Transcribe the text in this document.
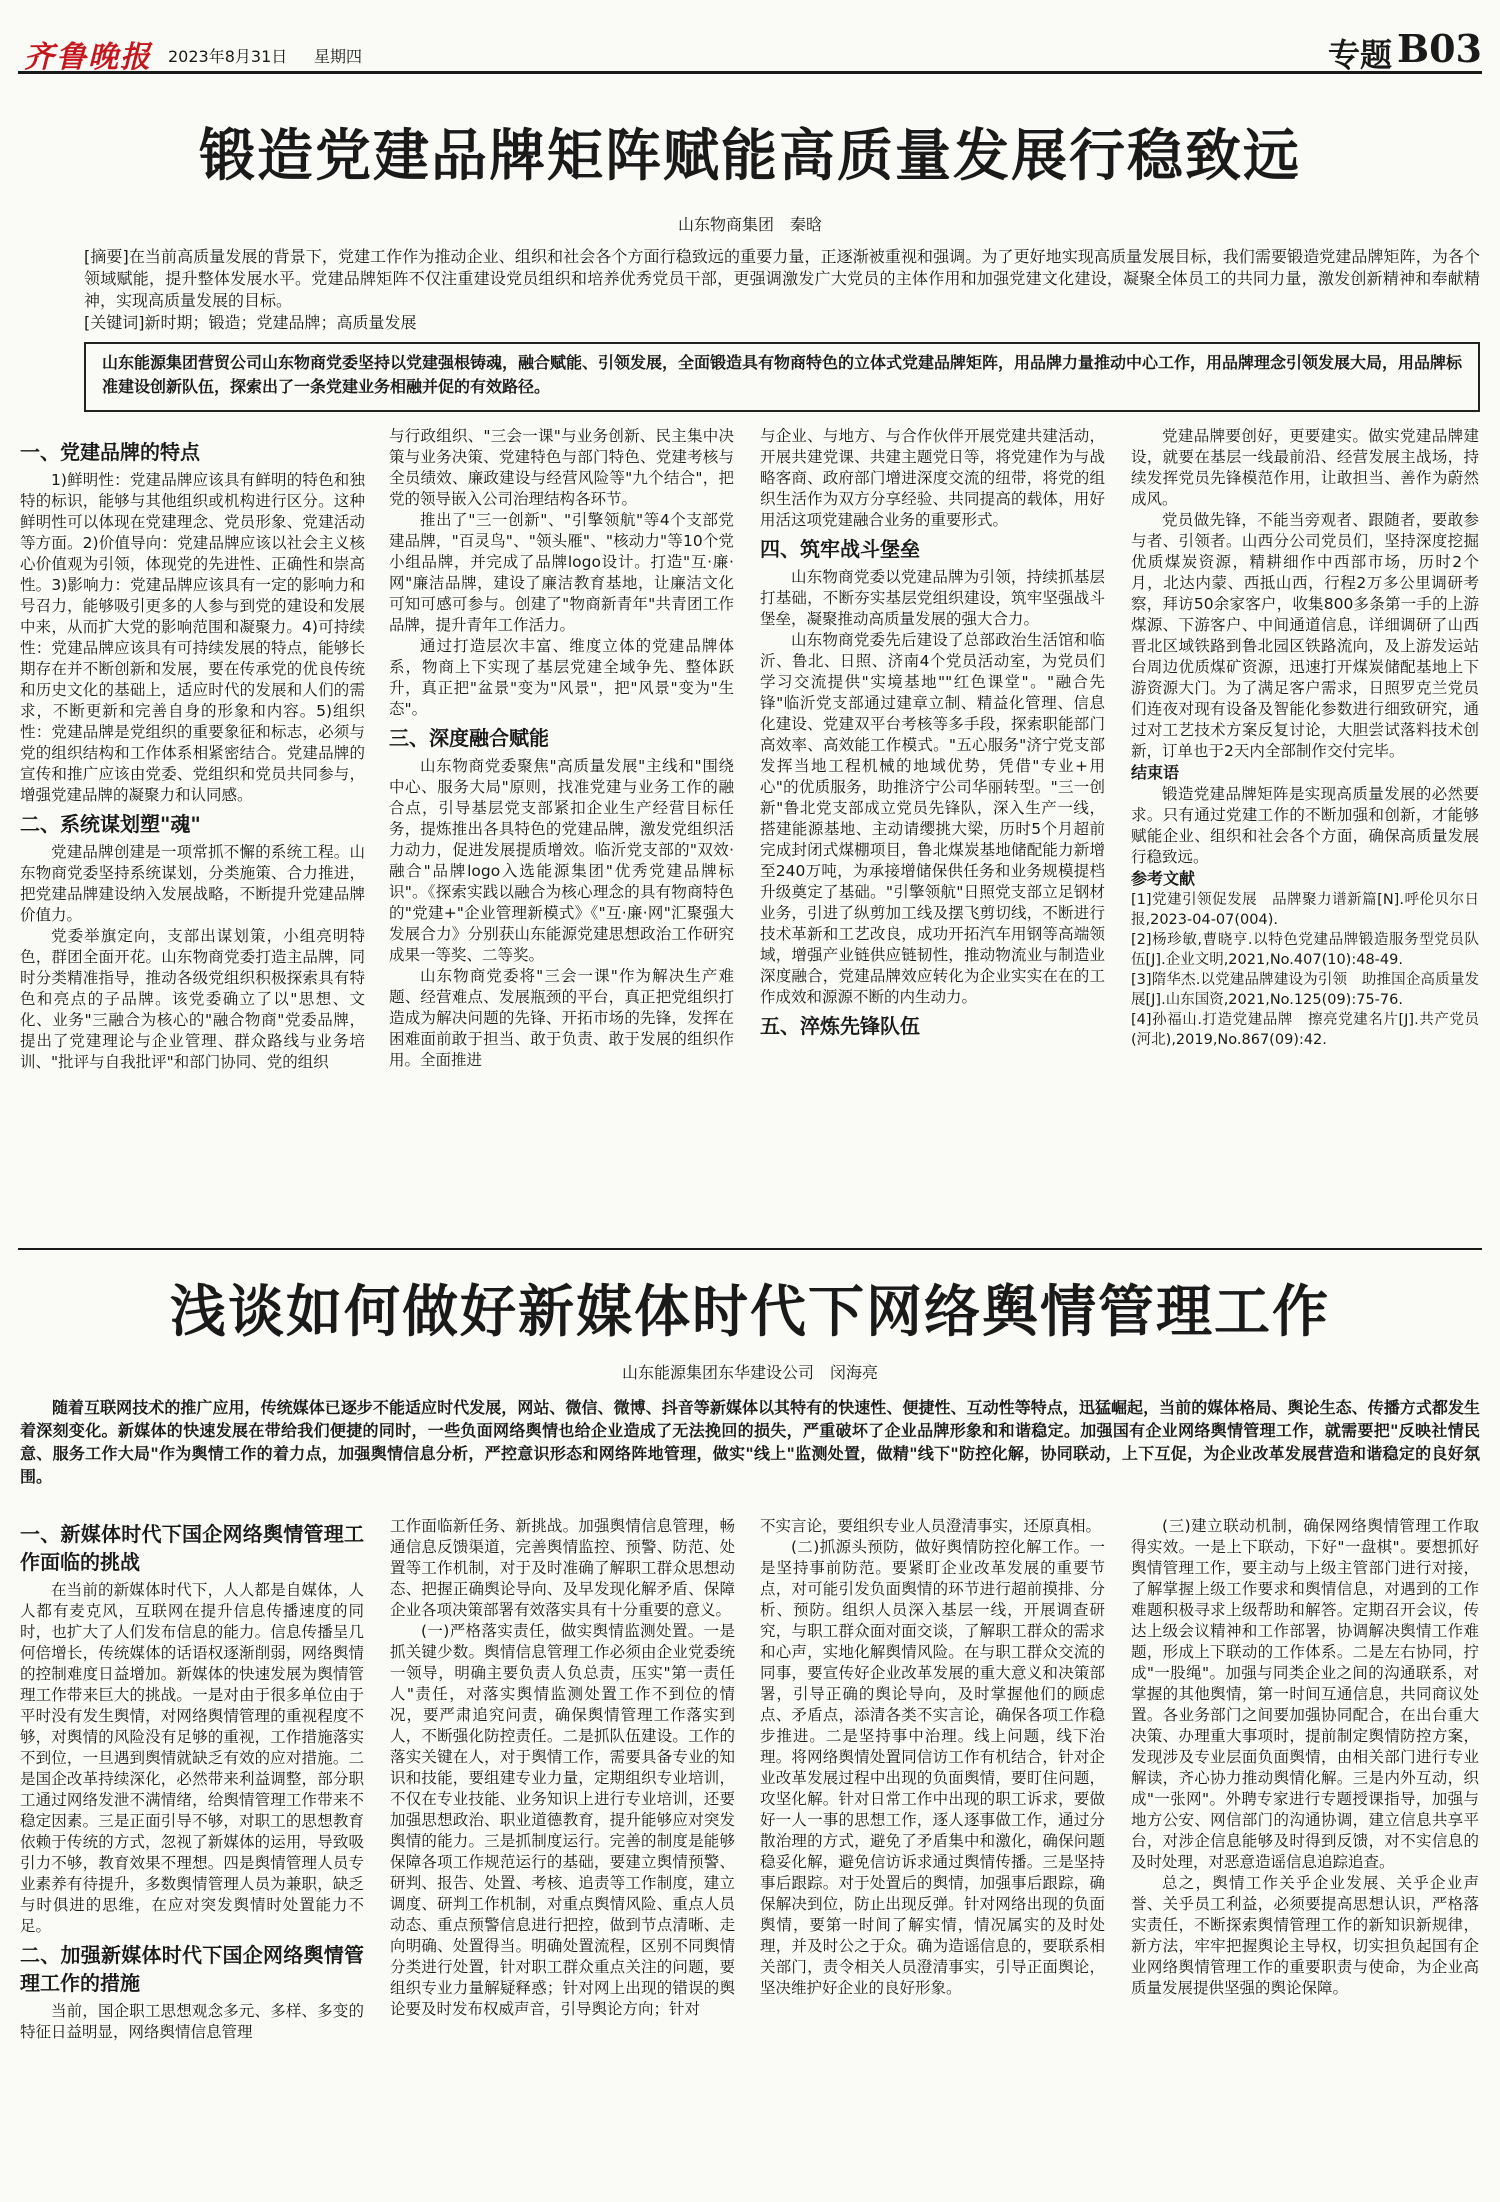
齐鲁晚报 2023年8月31日 星期四	专题 B03
锻造党建品牌矩阵赋能高质量发展行稳致远
山东物商集团　秦晗

[摘要]在当前高质量发展的背景下，党建工作作为推动企业、组织和社会各个方面行稳致远的重要力量，正逐渐被重视和强调。为了更好地实现高质量发展目标，我们需要锻造党建品牌矩阵，为各个领域赋能，提升整体发展水平。党建品牌矩阵不仅注重建设党员组织和培养优秀党员干部，更强调激发广大党员的主体作用和加强党建文化建设，凝聚全体员工的共同力量，激发创新精神和奉献精神，实现高质量发展的目标。

[关键词]新时期；锻造；党建品牌；高质量发展

山东能源集团营贸公司山东物商党委坚持以党建强根铸魂，融合赋能、引领发展，全面锻造具有物商特色的立体式党建品牌矩阵，用品牌力量推动中心工作，用品牌理念引领发展大局，用品牌标准建设创新队伍，探索出了一条党建业务相融并促的有效路径。
一、党建品牌的特点

1)鲜明性：党建品牌应该具有鲜明的特色和独特的标识，能够与其他组织或机构进行区分。这种鲜明性可以体现在党建理念、党员形象、党建活动等方面。2)价值导向：党建品牌应该以社会主义核心价值观为引领，体现党的先进性、正确性和崇高性。3)影响力：党建品牌应该具有一定的影响力和号召力，能够吸引更多的人参与到党的建设和发展中来，从而扩大党的影响范围和凝聚力。4)可持续性：党建品牌应该具有可持续发展的特点，能够长期存在并不断创新和发展，要在传承党的优良传统和历史文化的基础上，适应时代的发展和人们的需求，不断更新和完善自身的形象和内容。5)组织性：党建品牌是党组织的重要象征和标志，必须与党的组织结构和工作体系相紧密结合。党建品牌的宣传和推广应该由党委、党组织和党员共同参与，增强党建品牌的凝聚力和认同感。

二、系统谋划塑"魂"

党建品牌创建是一项常抓不懈的系统工程。山东物商党委坚持系统谋划，分类施策、合力推进，把党建品牌建设纳入发展战略，不断提升党建品牌价值力。

党委举旗定向，支部出谋划策，小组亮明特色，群团全面开花。山东物商党委打造主品牌，同时分类精准指导，推动各级党组织积极探索具有特色和亮点的子品牌。该党委确立了以"思想、文化、业务"三融合为核心的"融合物商"党委品牌，提出了党建理论与企业管理、群众路线与业务培训、"批评与自我批评"和部门协同、党的组织

与行政组织、"三会一课"与业务创新、民主集中决策与业务决策、党建特色与部门特色、党建考核与全员绩效、廉政建设与经营风险等"九个结合"，把党的领导嵌入公司治理结构各环节。

推出了"三一创新"、"引擎领航"等4个支部党建品牌，"百灵鸟"、"领头雁"、"核动力"等10个党小组品牌，并完成了品牌logo设计。打造"互·廉·网"廉洁品牌，建设了廉洁教育基地，让廉洁文化可知可感可参与。创建了"物商新青年"共青团工作品牌，提升青年工作活力。

通过打造层次丰富、维度立体的党建品牌体系，物商上下实现了基层党建全域争先、整体跃升，真正把"盆景"变为"风景"，把"风景"变为"生态"。

三、深度融合赋能

山东物商党委聚焦"高质量发展"主线和"围绕中心、服务大局"原则，找准党建与业务工作的融合点，引导基层党支部紧扣企业生产经营目标任务，提炼推出各具特色的党建品牌，激发党组织活力动力，促进发展提质增效。临沂党支部的"双效·融合"品牌logo入选能源集团"优秀党建品牌标识"。《探索实践以融合为核心理念的具有物商特色的"党建+"企业管理新模式》《"互·廉·网"汇聚强大发展合力》分别获山东能源党建思想政治工作研究成果一等奖、二等奖。

山东物商党委将"三会一课"作为解决生产难题、经营难点、发展瓶颈的平台，真正把党组织打造成为解决问题的先锋、开拓市场的先锋，发挥在困难面前敢于担当、敢于负责、敢于发展的组织作用。全面推进

与企业、与地方、与合作伙伴开展党建共建活动，开展共建党课、共建主题党日等，将党建作为与战略客商、政府部门增进深度交流的纽带，将党的组织生活作为双方分享经验、共同提高的载体，用好用活这项党建融合业务的重要形式。

四、筑牢战斗堡垒

山东物商党委以党建品牌为引领，持续抓基层打基础，不断夯实基层党组织建设，筑牢坚强战斗堡垒，凝聚推动高质量发展的强大合力。

山东物商党委先后建设了总部政治生活馆和临沂、鲁北、日照、济南4个党员活动室，为党员们学习交流提供"实境基地""红色课堂"。"融合先锋"临沂党支部通过建章立制、精益化管理、信息化建设、党建双平台考核等多手段，探索职能部门高效率、高效能工作模式。"五心服务"济宁党支部发挥当地工程机械的地域优势，凭借"专业+用心"的优质服务，助推济宁公司华丽转型。"三一创新"鲁北党支部成立党员先锋队，深入生产一线，搭建能源基地、主动请缨挑大梁，历时5个月超前完成封闭式煤棚项目，鲁北煤炭基地储配能力新增至240万吨，为承接增储保供任务和业务规模提档升级奠定了基础。"引擎领航"日照党支部立足钢材业务，引进了纵剪加工线及摆飞剪切线，不断进行技术革新和工艺改良，成功开拓汽车用钢等高端领域，增强产业链供应链韧性，推动物流业与制造业深度融合，党建品牌效应转化为企业实实在在的工作成效和源源不断的内生动力。

五、淬炼先锋队伍

党建品牌要创好，更要建实。做实党建品牌建设，就要在基层一线最前沿、经营发展主战场，持续发挥党员先锋模范作用，让敢担当、善作为蔚然成风。

党员做先锋，不能当旁观者、跟随者，要敢参与者、引领者。山西分公司党员们，坚持深度挖掘优质煤炭资源，精耕细作中西部市场，历时2个月，北达内蒙、西抵山西，行程2万多公里调研考察，拜访50余家客户，收集800多条第一手的上游煤源、下游客户、中间通道信息，详细调研了山西晋北区域铁路到鲁北园区铁路流向，及上游发运站台周边优质煤矿资源，迅速打开煤炭储配基地上下游资源大门。为了满足客户需求，日照罗克兰党员们连夜对现有设备及智能化参数进行细致研究，通过对工艺技术方案反复讨论，大胆尝试落料技术创新，订单也于2天内全部制作交付完毕。

结束语

锻造党建品牌矩阵是实现高质量发展的必然要求。只有通过党建工作的不断加强和创新，才能够赋能企业、组织和社会各个方面，确保高质量发展行稳致远。

参考文献

[1]党建引领促发展　品牌聚力谱新篇[N].呼伦贝尔日报,2023-04-07(004).

[2]杨珍敏,曹晓亨.以特色党建品牌锻造服务型党员队伍[J].企业文明,2021,No.407(10):48-49.

[3]隋华杰.以党建品牌建设为引领　助推国企高质量发展[J].山东国资,2021,No.125(09):75-76.

[4]孙福山.打造党建品牌　擦亮党建名片[J].共产党员(河北),2019,No.867(09):42.

浅谈如何做好新媒体时代下网络舆情管理工作
山东能源集团东华建设公司　闵海亮

随着互联网技术的推广应用，传统媒体已逐步不能适应时代发展，网站、微信、微博、抖音等新媒体以其特有的快速性、便捷性、互动性等特点，迅猛崛起，当前的媒体格局、舆论生态、传播方式都发生着深刻变化。新媒体的快速发展在带给我们便捷的同时，一些负面网络舆情也给企业造成了无法挽回的损失，严重破坏了企业品牌形象和和谐稳定。加强国有企业网络舆情管理工作，就需要把"反映社情民意、服务工作大局"作为舆情工作的着力点，加强舆情信息分析，严控意识形态和网络阵地管理，做实"线上"监测处置，做精"线下"防控化解，协同联动，上下互促，为企业改革发展营造和谐稳定的良好氛围。

一、新媒体时代下国企网络舆情管理工作面临的挑战

在当前的新媒体时代下，人人都是自媒体，人人都有麦克风，互联网在提升信息传播速度的同时，也扩大了人们发布信息的能力。信息传播呈几何倍增长，传统媒体的话语权逐渐削弱，网络舆情的控制难度日益增加。新媒体的快速发展为舆情管理工作带来巨大的挑战。一是对由于很多单位由于平时没有发生舆情，对网络舆情管理的重视程度不够，对舆情的风险没有足够的重视，工作措施落实不到位，一旦遇到舆情就缺乏有效的应对措施。二是国企改革持续深化，必然带来利益调整，部分职工通过网络发泄不满情绪，给舆情管理工作带来不稳定因素。三是正面引导不够，对职工的思想教育依赖于传统的方式，忽视了新媒体的运用，导致吸引力不够，教育效果不理想。四是舆情管理人员专业素养有待提升，多数舆情管理人员为兼职，缺乏与时俱进的思维，在应对突发舆情时处置能力不足。

二、加强新媒体时代下国企网络舆情管理工作的措施

当前，国企职工思想观念多元、多样、多变的特征日益明显，网络舆情信息管理

工作面临新任务、新挑战。加强舆情信息管理，畅通信息反馈渠道，完善舆情监控、预警、防范、处置等工作机制，对于及时准确了解职工群众思想动态、把握正确舆论导向、及早发现化解矛盾、保障企业各项决策部署有效落实具有十分重要的意义。

(一)严格落实责任，做实舆情监测处置。一是抓关键少数。舆情信息管理工作必须由企业党委统一领导，明确主要负责人负总责，压实"第一责任人"责任，对落实舆情监测处置工作不到位的情况，要严肃追究问责，确保舆情管理工作落实到人，不断强化防控责任。二是抓队伍建设。工作的落实关键在人，对于舆情工作，需要具备专业的知识和技能，要组建专业力量，定期组织专业培训，不仅在专业技能、业务知识上进行专业培训，还要加强思想政治、职业道德教育，提升能够应对突发舆情的能力。三是抓制度运行。完善的制度是能够保障各项工作规范运行的基础，要建立舆情预警、研判、报告、处置、考核、追责等工作制度，建立调度、研判工作机制，对重点舆情风险、重点人员动态、重点预警信息进行把控，做到节点清晰、走向明确、处置得当。明确处置流程，区别不同舆情分类进行处置，针对职工群众重点关注的问题，要组织专业力量解疑释惑；针对网上出现的错误的舆论要及时发布权威声音，引导舆论方向；针对

不实言论，要组织专业人员澄清事实，还原真相。

(二)抓源头预防，做好舆情防控化解工作。一是坚持事前防范。要紧盯企业改革发展的重要节点，对可能引发负面舆情的环节进行超前摸排、分析、预防。组织人员深入基层一线，开展调查研究，与职工群众面对面交谈，了解职工群众的需求和心声，实地化解舆情风险。在与职工群众交流的同事，要宣传好企业改革发展的重大意义和决策部署，引导正确的舆论导向，及时掌握他们的顾虑点、矛盾点，添清各类不实言论，确保各项工作稳步推进。二是坚持事中治理。线上问题，线下治理。将网络舆情处置同信访工作有机结合，针对企业改革发展过程中出现的负面舆情，要盯住问题，攻坚化解。针对日常工作中出现的职工诉求，要做好一人一事的思想工作，逐人逐事做工作，通过分散治理的方式，避免了矛盾集中和激化，确保问题稳妥化解，避免信访诉求通过舆情传播。三是坚持事后跟踪。对于处置后的舆情，加强事后跟踪，确保解决到位，防止出现反弹。针对网络出现的负面舆情，要第一时间了解实情，情况属实的及时处理，并及时公之于众。确为造谣信息的，要联系相关部门，责令相关人员澄清事实，引导正面舆论，坚决维护好企业的良好形象。

(三)建立联动机制，确保网络舆情管理工作取得实效。一是上下联动，下好"一盘棋"。要想抓好舆情管理工作，要主动与上级主管部门进行对接，了解掌握上级工作要求和舆情信息，对遇到的工作难题积极寻求上级帮助和解答。定期召开会议，传达上级会议精神和工作部署，协调解决舆情工作难题，形成上下联动的工作体系。二是左右协同，拧成"一股绳"。加强与同类企业之间的沟通联系，对掌握的其他舆情，第一时间互通信息，共同商议处置。各业务部门之间要加强协同配合，在出台重大决策、办理重大事项时，提前制定舆情防控方案，发现涉及专业层面负面舆情，由相关部门进行专业解读，齐心协力推动舆情化解。三是内外互动，织成"一张网"。外聘专家进行专题授课指导，加强与地方公安、网信部门的沟通协调，建立信息共享平台，对涉企信息能够及时得到反馈，对不实信息的及时处理，对恶意造谣信息追踪追查。

总之，舆情工作关乎企业发展、关乎企业声誉、关乎员工利益，必须要提高思想认识，严格落实责任，不断探索舆情管理工作的新知识新规律，新方法，牢牢把握舆论主导权，切实担负起国有企业网络舆情管理工作的重要职责与使命，为企业高质量发展提供坚强的舆论保障。
